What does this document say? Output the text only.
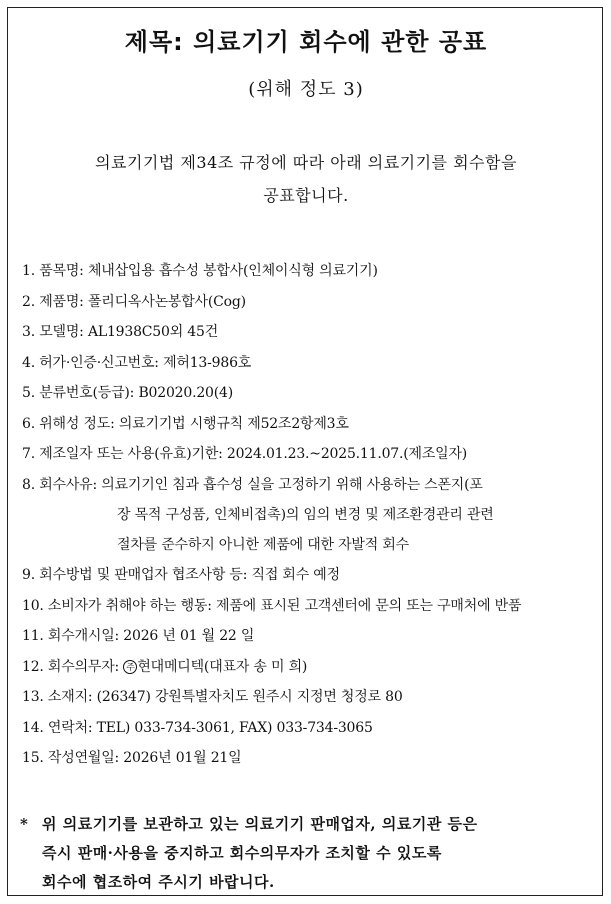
제목: 의료기기 회수에 관한 공표
(위해 정도 3)
의료기기법 제34조 규정에 따라 아래 의료기기를 회수함을
공표합니다.
1. 품목명: 체내삽입용 흡수성 봉합사(인체이식형 의료기기)
2. 제품명: 폴리디옥사논봉합사(Cog)
3. 모델명: AL1938C50외 45건
4. 허가·인증·신고번호: 제허13-986호
5. 분류번호(등급): B02020.20(4)
6. 위해성 정도: 의료기기법 시행규칙 제52조2항제3호
7. 제조일자 또는 사용(유효)기한: 2024.01.23.~2025.11.07.(제조일자)
8. 회수사유: 의료기기인 침과 흡수성 실을 고정하기 위해 사용하는 스폰지(포
장 목적 구성품, 인체비접촉)의 임의 변경 및 제조환경관리 관련
절차를 준수하지 아니한 제품에 대한 자발적 회수
9. 회수방법 및 판매업자 협조사항 등: 직접 회수 예정
10. 소비자가 취해야 하는 행동: 제품에 표시된 고객센터에 문의 또는 구매처에 반품
11. 회수개시일: 2026 년 01 월 22 일
12. 회수의무자: 주 현대메디텍(대표자 송 미 희)
13. 소재지: (26347) 강원특별자치도 원주시 지정면 청정로 80
14. 연락처: TEL) 033-734-3061, FAX) 033-734-3065
15. 작성연월일: 2026년 01월 21일
* 위 의료기기를 보관하고 있는 의료기기 판매업자, 의료기관 등은
즉시 판매·사용을 중지하고 회수의무자가 조치할 수 있도록
회수에 협조하여 주시기 바랍니다.
